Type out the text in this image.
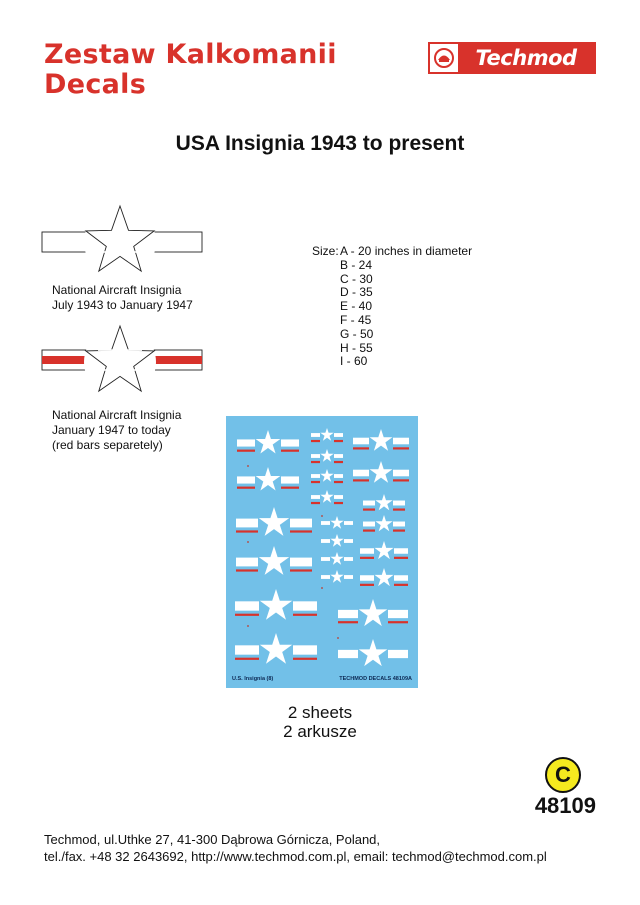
Zestaw Kalkomanii
Decals
Techmod
USA Insignia 1943 to present

National Aircraft Insignia
July 1943 to January 1947

National Aircraft Insignia
January 1947 to today
(red bars separetely)

Size: A - 20 inches in diameter
B - 24
C - 30
D - 35
E - 40
F - 45
G - 50
H - 55
I - 60
U.S. Insignia (8)	TECHMOD DECALS 48109A
2 sheets
2 arkusze
C
48109
Techmod, ul.Uthke 27, 41-300 Dąbrowa Górnicza, Poland,
tel./fax. +48 32 2643692, http://www.techmod.com.pl, email: techmod@techmod.com.pl
